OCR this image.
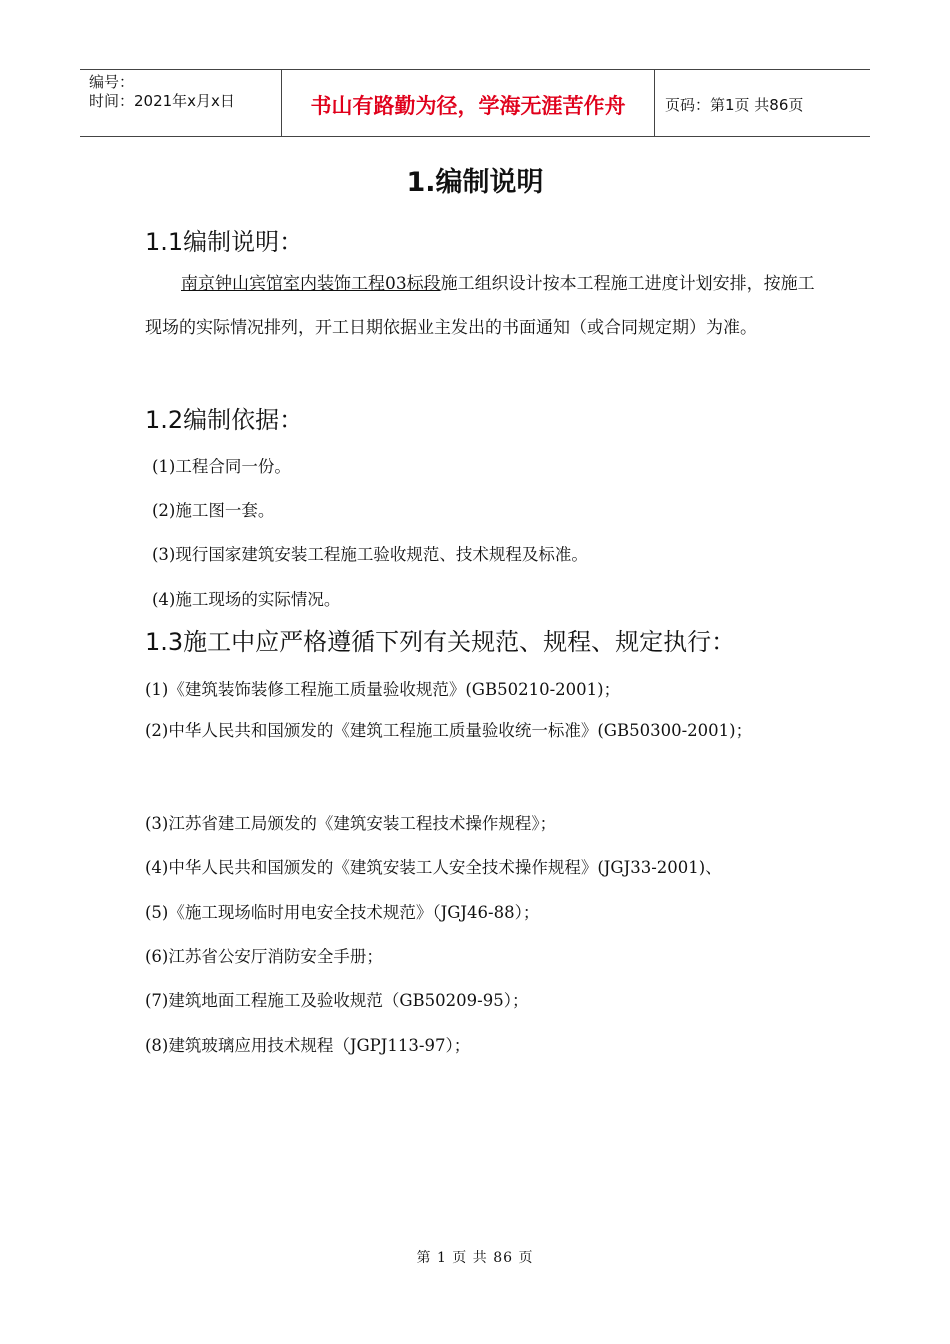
编号：
时间：2021年x月x日	书山有路勤为径，学海无涯苦作舟	页码：第1页 共86页
1.编制说明
1.1编制说明：
南京钟山宾馆室内装饰工程03标段施工组织设计按本工程施工进度计划安排，按施工现场的实际情况排列，开工日期依据业主发出的书面通知（或合同规定期）为准。
1.2编制依据：
(1)工程合同一份。
(2)施工图一套。
(3)现行国家建筑安装工程施工验收规范、技术规程及标准。
(4)施工现场的实际情况。
1.3施工中应严格遵循下列有关规范、规程、规定执行：
(1)《建筑装饰装修工程施工质量验收规范》(GB50210-2001)；
(2)中华人民共和国颁发的《建筑工程施工质量验收统一标准》(GB50300-2001)；
(3)江苏省建工局颁发的《建筑安装工程技术操作规程》；
(4)中华人民共和国颁发的《建筑安装工人安全技术操作规程》(JGJ33-2001)、
(5)《施工现场临时用电安全技术规范》（JGJ46-88）；
(6)江苏省公安厅消防安全手册；
(7)建筑地面工程施工及验收规范（GB50209-95）；
(8)建筑玻璃应用技术规程（JGPJ113-97）；
第 1 页 共 86 页
